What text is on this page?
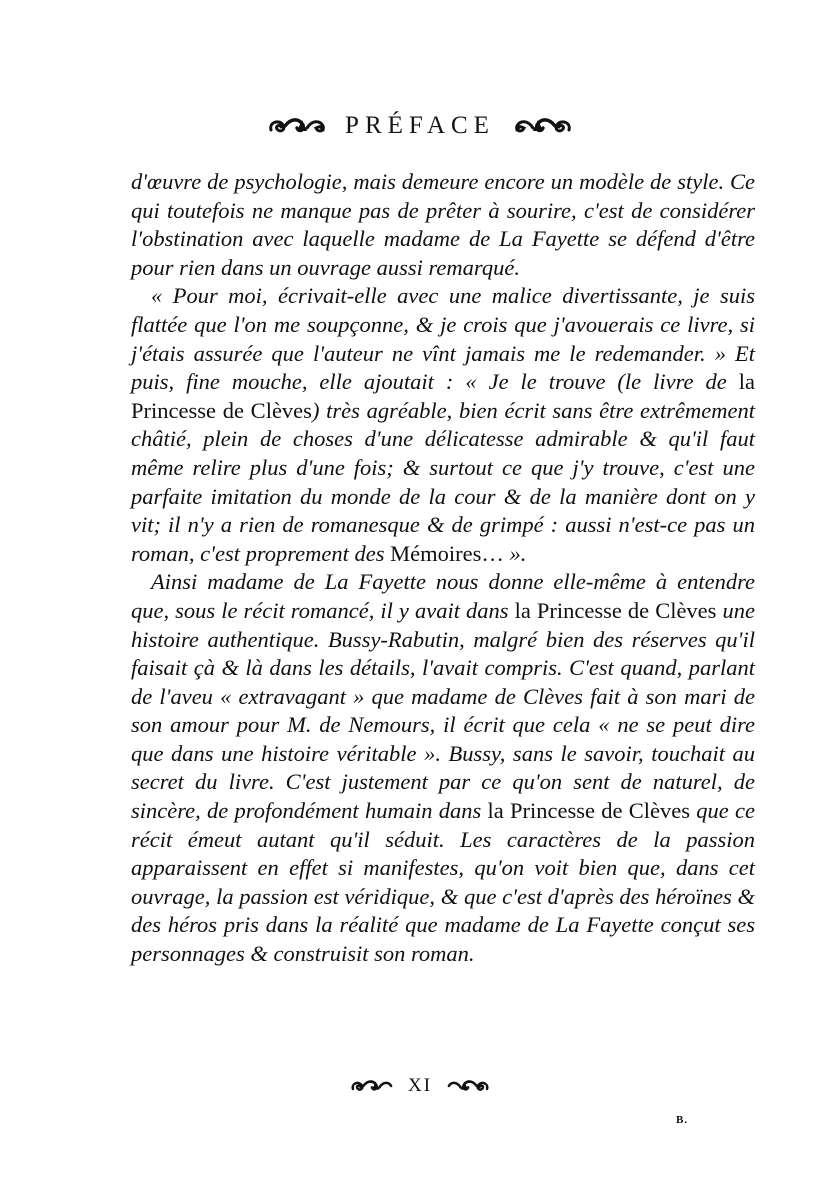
PRÉFACE

d'œuvre de psychologie, mais demeure encore un modèle de style. Ce qui toutefois ne manque pas de prêter à sourire, c'est de considérer l'obstination avec laquelle madame de La Fayette se défend d'être pour rien dans un ouvrage aussi remarqué.

« Pour moi, écrivait-elle avec une malice divertissante, je suis flattée que l'on me soupçonne, & je crois que j'avouerais ce livre, si j'étais assurée que l'auteur ne vînt jamais me le redemander. » Et puis, fine mouche, elle ajoutait : « Je le trouve (le livre de la Princesse de Clèves) très agréable, bien écrit sans être extrêmement châtié, plein de choses d'une délicatesse admirable & qu'il faut même relire plus d'une fois; & surtout ce que j'y trouve, c'est une parfaite imitation du monde de la cour & de la manière dont on y vit; il n'y a rien de romanesque & de grimpé : aussi n'est-ce pas un roman, c'est proprement des Mémoires… ».

Ainsi madame de La Fayette nous donne elle-même à entendre que, sous le récit romancé, il y avait dans la Princesse de Clèves une histoire authentique. Bussy-Rabutin, malgré bien des réserves qu'il faisait çà & là dans les détails, l'avait compris. C'est quand, parlant de l'aveu « extravagant » que madame de Clèves fait à son mari de son amour pour M. de Nemours, il écrit que cela « ne se peut dire que dans une histoire véritable ». Bussy, sans le savoir, touchait au secret du livre. C'est justement par ce qu'on sent de naturel, de sincère, de profondément humain dans la Princesse de Clèves que ce récit émeut autant qu'il séduit. Les caractères de la passion apparaissent en effet si manifestes, qu'on voit bien que, dans cet ouvrage, la passion est véridique, & que c'est d'après des héroïnes & des héros pris dans la réalité que madame de La Fayette conçut ses personnages & construisit son roman.

XI
B.
